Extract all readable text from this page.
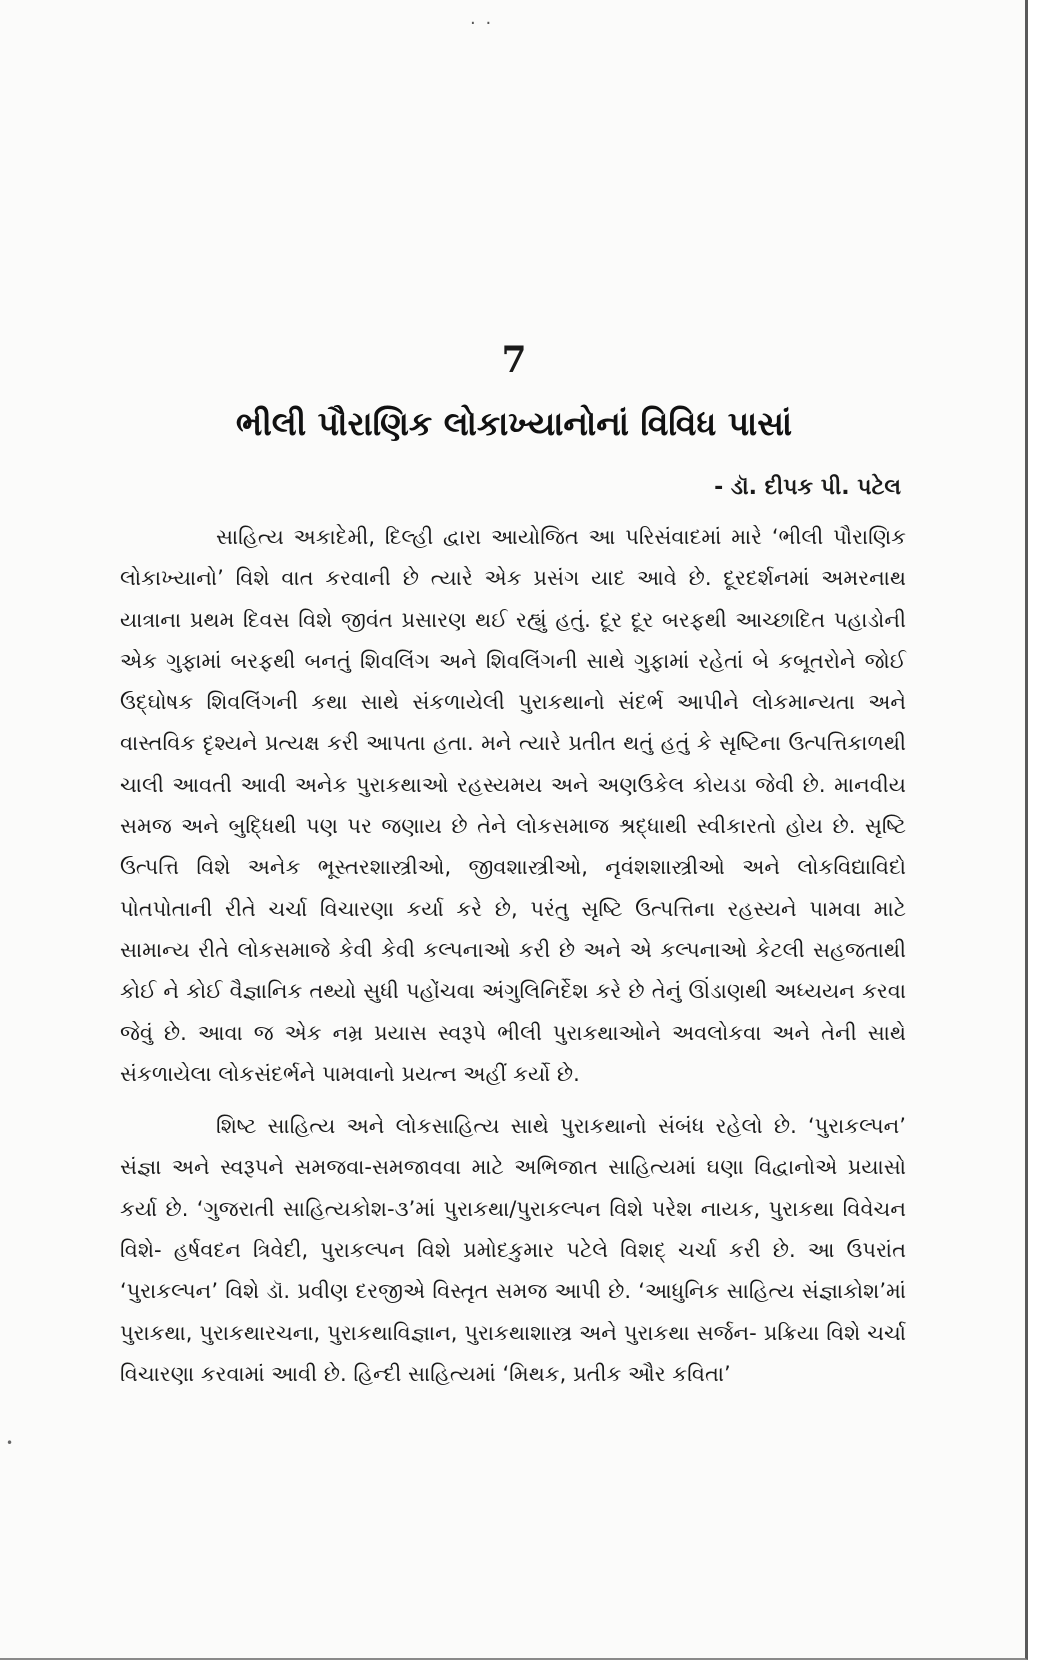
. .
7
ભીલી પૌરાણિક લોકાખ્યાનોનાં વિવિધ પાસાં
- ડૉ. દીપક પી. પટેલ

સાહિત્ય અકાદેમી, દિલ્હી દ્વારા આયોજિત આ પરિસંવાદમાં મારે ‘ભીલી પૌરાણિક લોકાખ્યાનો’ વિશે વાત કરવાની છે ત્યારે એક પ્રસંગ યાદ આવે છે. દૂરદર્શનમાં અમરનાથ યાત્રાના પ્રથમ દિવસ વિશે જીવંત પ્રસારણ થઈ રહ્યું હતું. દૂર દૂર બરફથી આચ્છાદિત પહાડોની એક ગુફામાં બરફથી બનતું શિવલિંગ અને શિવલિંગની સાથે ગુફામાં રહેતાં બે કબૂતરોને જોઈ ઉદ્ઘોષક શિવલિંગની કથા સાથે સંકળાયેલી પુરાકથાનો સંદર્ભ આપીને લોકમાન્યતા અને વાસ્તવિક દૃશ્યને પ્રત્યક્ષ કરી આપતા હતા. મને ત્યારે પ્રતીત થતું હતું કે સૃષ્ટિના ઉત્પત્તિકાળથી ચાલી આવતી આવી અનેક પુરાકથાઓ રહસ્યમય અને અણઉકેલ કોયડા જેવી છે. માનવીય સમજ અને બુદ્ધિથી પણ પર જણાય છે તેને લોકસમાજ શ્રદ્ધાથી સ્વીકારતો હોય છે. સૃષ્ટિ ઉત્પત્તિ વિશે અનેક ભૂસ્તરશાસ્ત્રીઓ, જીવશાસ્ત્રીઓ, નૃવંશશાસ્ત્રીઓ અને લોકવિદ્યાવિદો પોતપોતાની રીતે ચર્ચા વિચારણા કર્યા કરે છે, પરંતુ સૃષ્ટિ ઉત્પત્તિના રહસ્યને પામવા માટે સામાન્ય રીતે લોકસમાજે કેવી કેવી કલ્પનાઓ કરી છે અને એ કલ્પનાઓ કેટલી સહજતાથી કોઈ ને કોઈ વૈજ્ઞાનિક તથ્યો સુધી પહોંચવા અંગુલિનિર્દેશ કરે છે તેનું ઊંડાણથી અધ્યયન કરવા જેવું છે. આવા જ એક નમ્ર પ્રયાસ સ્વરૂપે ભીલી પુરાકથાઓને અવલોકવા અને તેની સાથે સંકળાયેલા લોકસંદર્ભને પામવાનો પ્રયત્ન અહીં કર્યો છે.

શિષ્ટ સાહિત્ય અને લોકસાહિત્ય સાથે પુરાકથાનો સંબંધ રહેલો છે. ‘પુરાકલ્પન’ સંજ્ઞા અને સ્વરૂપને સમજવા-સમજાવવા માટે અભિજાત સાહિત્યમાં ઘણા વિદ્વાનોએ પ્રયાસો કર્યા છે. ‘ગુજરાતી સાહિત્યકોશ-૩’માં પુરાકથા/પુરાકલ્પન વિશે પરેશ નાયક, પુરાકથા વિવેચન વિશે- હર્ષવદન ત્રિવેદી, પુરાકલ્પન વિશે પ્રમોદકુમાર પટેલે વિશદ્ ચર્ચા કરી છે. આ ઉપરાંત ‘પુરાકલ્પન’ વિશે ડૉ. પ્રવીણ દરજીએ વિસ્તૃત સમજ આપી છે. ‘આધુનિક સાહિત્ય સંજ્ઞાકોશ’માં પુરાકથા, પુરાકથારચના, પુરાકથાવિજ્ઞાન, પુરાકથાશાસ્ત્ર અને પુરાકથા સર્જન- પ્રક્રિયા વિશે ચર્ચા વિચારણા કરવામાં આવી છે. હિન્દી સાહિત્યમાં ‘મિથક, પ્રતીક ઔર કવિતા’

•
